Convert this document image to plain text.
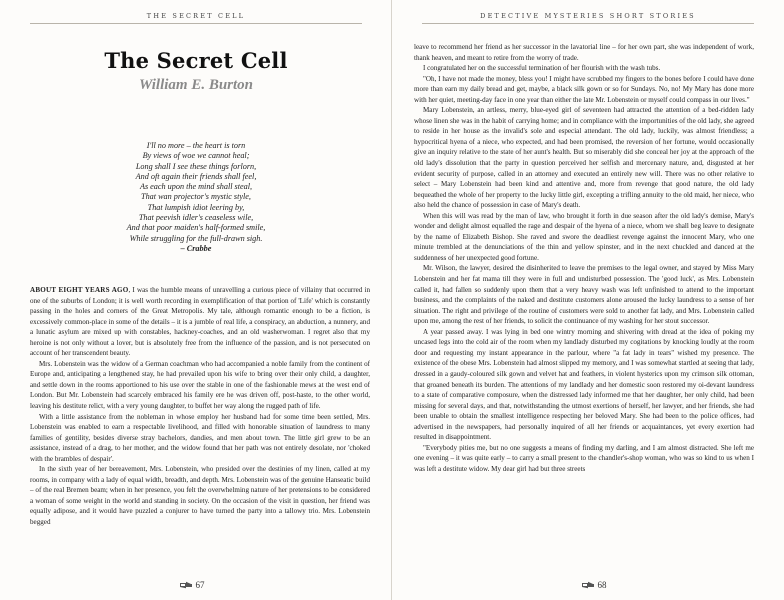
THE SECRET CELL
The Secret Cell
William E. Burton
I'll no more – the heart is torn
By views of woe we cannot heal;
Long shall I see these things forlorn,
And oft again their friends shall feel,
As each upon the mind shall steal,
That wan projector's mystic style,
That lumpish idiot leering by,
That peevish idler's ceaseless wile,
And that poor maiden's half-formed smile,
While struggling for the full-drawn sigh.
– Crabbe

ABOUT EIGHT YEARS AGO, I was the humble means of unravelling a curious piece of villainy that occurred in one of the suburbs of London; it is well worth recording in exemplification of that portion of 'Life' which is constantly passing in the holes and corners of the Great Metropolis. My tale, although romantic enough to be a fiction, is excessively common-place in some of the details – it is a jumble of real life, a conspiracy, an abduction, a nunnery, and a lunatic asylum are mixed up with constables, hackney-coaches, and an old washerwoman. I regret also that my heroine is not only without a lover, but is absolutely free from the influence of the passion, and is not persecuted on account of her transcendent beauty.

Mrs. Lobenstein was the widow of a German coachman who had accompanied a noble family from the continent of Europe and, anticipating a lengthened stay, he had prevailed upon his wife to bring over their only child, a daughter, and settle down in the rooms apportioned to his use over the stable in one of the fashionable mews at the west end of London. But Mr. Lobenstein had scarcely embraced his family ere he was driven off, post-haste, to the other world, leaving his destitute relict, with a very young daughter, to buffet her way along the rugged path of life.

With a little assistance from the nobleman in whose employ her husband had for some time been settled, Mrs. Lobenstein was enabled to earn a respectable livelihood, and filled with honorable situation of laundress to many families of gentility, besides diverse stray bachelors, dandies, and men about town. The little girl grew to be an assistance, instead of a drag, to her mother, and the widow found that her path was not entirely desolate, nor 'choked with the brambles of despair'.

In the sixth year of her bereavement, Mrs. Lobenstein, who presided over the destinies of my linen, called at my rooms, in company with a lady of equal width, breadth, and depth. Mrs. Lobenstein was of the genuine Hanseatic build – of the real Bremen beam; when in her presence, you felt the overwhelming nature of her pretensions to be considered a woman of some weight in the world and standing in society. On the occasion of the visit in question, her friend was equally adipose, and it would have puzzled a conjurer to have turned the party into a tallowy trio. Mrs. Lobenstein begged

67
DETECTIVE MYSTERIES SHORT STORIES

leave to recommend her friend as her successor in the lavatorial line – for her own part, she was independent of work, thank heaven, and meant to retire from the worry of trade.

I congratulated her on the successful termination of her flourish with the wash tubs.

"Oh, I have not made the money, bless you! I might have scrubbed my fingers to the bones before I could have done more than earn my daily bread and get, maybe, a black silk gown or so for Sundays. No, no! My Mary has done more with her quiet, meeting-day face in one year than either the late Mr. Lobenstein or myself could compass in our lives."

Mary Lobenstein, an artless, merry, blue-eyed girl of seventeen had attracted the attention of a bed-ridden lady whose linen she was in the habit of carrying home; and in compliance with the importunities of the old lady, she agreed to reside in her house as the invalid's sole and especial attendant. The old lady, luckily, was almost friendless; a hypocritical hyena of a niece, who expected, and had been promised, the reversion of her fortune, would occasionally give an inquiry relative to the state of her aunt's health. But so miserably did she conceal her joy at the approach of the old lady's dissolution that the party in question perceived her selfish and mercenary nature, and, disgusted at her evident security of purpose, called in an attorney and executed an entirely new will. There was no other relative to select – Mary Lobenstein had been kind and attentive and, more from revenge that good nature, the old lady bequeathed the whole of her property to the lucky little girl, excepting a trifling annuity to the old maid, her niece, who also held the chance of possession in case of Mary's death.

When this will was read by the man of law, who brought it forth in due season after the old lady's demise, Mary's wonder and delight almost equalled the rage and despair of the hyena of a niece, whom we shall beg leave to designate by the name of Elizabeth Bishop. She raved and swore the deadliest revenge against the innocent Mary, who one minute trembled at the denunciations of the thin and yellow spinster, and in the next chuckled and danced at the suddenness of her unexpected good fortune.

Mr. Wilson, the lawyer, desired the disinherited to leave the premises to the legal owner, and stayed by Miss Mary Lobenstein and her fat mama till they were in full and undisturbed possession. The 'good luck', as Mrs. Lobenstein called it, had fallen so suddenly upon them that a very heavy wash was left unfinished to attend to the important business, and the complaints of the naked and destitute customers alone aroused the lucky laundress to a sense of her situation. The right and privilege of the routine of customers were sold to another fat lady, and Mrs. Lobenstein called upon me, among the rest of her friends, to solicit the continuance of my washing for her stout successor.

A year passed away. I was lying in bed one wintry morning and shivering with dread at the idea of poking my uncased legs into the cold air of the room when my landlady disturbed my cogitations by knocking loudly at the room door and requesting my instant appearance in the parlour, where "a fat lady in tears" wished my presence. The existence of the obese Mrs. Lobenstein had almost slipped my memory, and I was somewhat startled at seeing that lady, dressed in a gaudy-coloured silk gown and velvet hat and feathers, in violent hysterics upon my crimson silk ottoman, that groaned beneath its burden. The attentions of my landlady and her domestic soon restored my oi-devant laundress to a state of comparative composure, when the distressed lady informed me that her daughter, her only child, had been missing for several days, and that, notwithstanding the utmost exertions of herself, her lawyer, and her friends, she had been unable to obtain the smallest intelligence respecting her beloved Mary. She had been to the police offices, had advertised in the newspapers, had personally inquired of all her friends or acquaintances, yet every exertion had resulted in disappointment.

"Everybody pities me, but no one suggests a means of finding my darling, and I am almost distracted. She left me one evening – it was quite early – to carry a small present to the chandler's-shop woman, who was so kind to us when I was left a destitute widow. My dear girl had but three streets

68
